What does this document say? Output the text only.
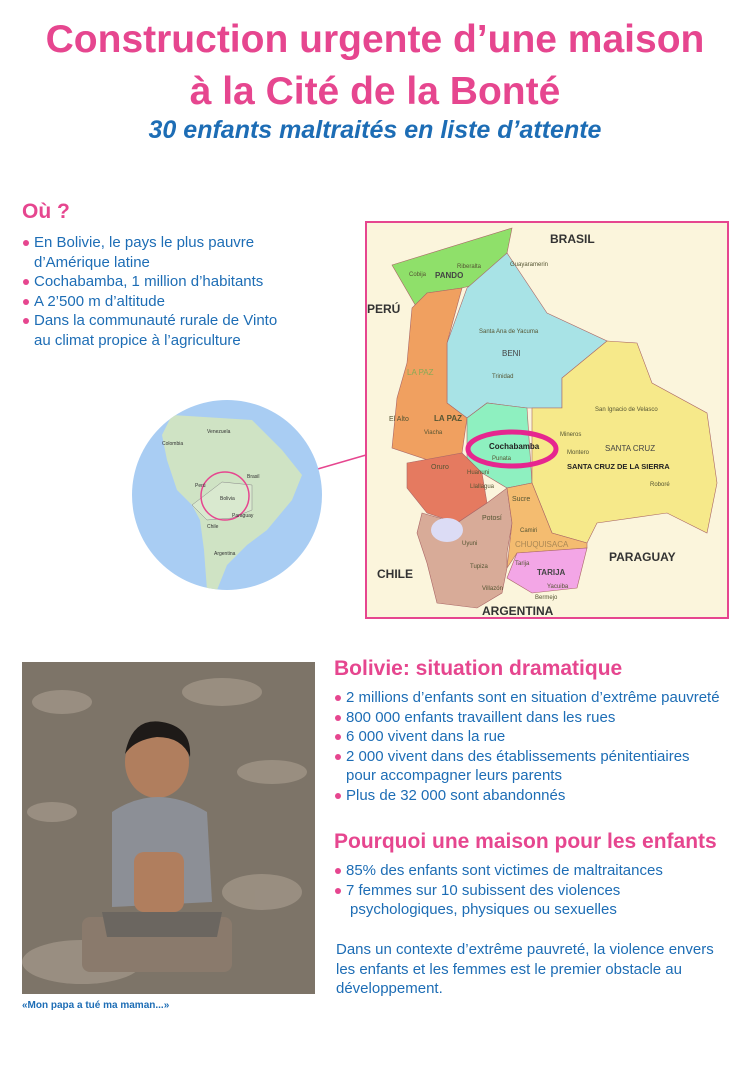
Construction urgente d’une maison
à la Cité de la Bonté
30 enfants maltraités en liste d’attente
Où ?
En Bolivie, le pays le plus pauvre
d’Amérique latine
Cochabamba, 1 million d’habitants
A 2’500 m d’altitude
Dans la communauté rurale de Vinto
au climat propice à l’agriculture
Colombia
Venezuela
Brasil
Perú
Bolivia
Paraguay
Chile
Argentina
BRASIL
PERÚ
CHILE
PARAGUAY
ARGENTINA
PANDO
BENI
LA PAZ
SANTA CRUZ
CHUQUISACA
TARIJA
Cobija
Riberalta	Guayaramerin
Santa Ana de Yacuma
Trinidad
El Alto	LA PAZ
Viacha
Cochabamba
Punata
Oruro
Huanuni
Llallagua
Sucre
Potosí
Uyuni
Tupiza
Villazón
Camiri
Tarija
Yacuiba
Bermejo
Mineros
Montero
SANTA CRUZ DE LA SIERRA
San Ignacio de Velasco
Roboré
«Mon papa a tué ma maman...»
Bolivie: situation dramatique
2 millions d’enfants sont en situation d’extrême pauvreté
800 000 enfants travaillent dans les rues
6 000 vivent dans la rue
2 000 vivent dans des établissements pénitentiaires
pour accompagner leurs parents
Plus de 32 000 sont abandonnés
Pourquoi une maison pour les enfants
85% des enfants sont victimes de maltraitances
7 femmes sur 10 subissent des violences
psychologiques, physiques ou sexuelles
Dans un contexte d’extrême pauvreté, la violence envers les enfants et les femmes est le premier obstacle au développement.
